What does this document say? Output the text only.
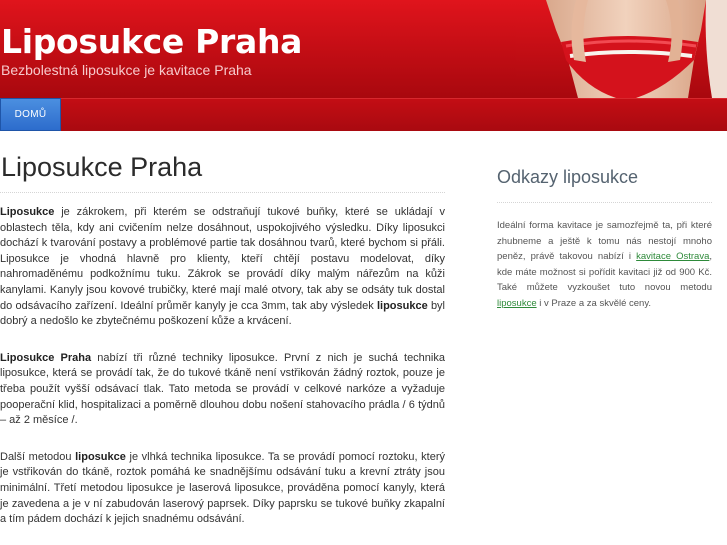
Liposukce Praha

Bezbolestná liposukce je kavitace Praha

DOMŮ
Liposukce Praha

Liposukce je zákrokem, při kterém se odstraňují tukové buňky, které se ukládají v oblastech těla, kdy ani cvičením nelze dosáhnout, uspokojivého výsledku. Díky liposukci dochází k tvarování postavy a problémové partie tak dosáhnou tvarů, které bychom si přáli. Liposukce je vhodná hlavně pro klienty, kteří chtějí postavu modelovat, díky nahromaděnému podkožnímu tuku. Zákrok se provádí díky malým nářezům na kůži kanylami. Kanyly jsou kovové trubičky, které mají malé otvory, tak aby se odsáty tuk dostal do odsávacího zařízení. Ideální průměr kanyly je cca 3mm, tak aby výsledek liposukce byl dobrý a nedošlo ke zbytečnému poškození kůže a krvácení.

Liposukce Praha nabízí tři různé techniky liposukce. První z nich je suchá technika liposukce, která se provádí tak, že do tukové tkáně není vstřikován žádný roztok, pouze je třeba použít vyšší odsávací tlak. Tato metoda se provádí v celkové narkóze a vyžaduje pooperační klid, hospitalizaci a poměrně dlouhou dobu nošení stahovacího prádla / 6 týdnů – až 2 měsíce /.

Další metodou liposukce je vlhká technika liposukce. Ta se provádí pomocí roztoku, který je vstřikován do tkáně, roztok pomáhá ke snadnějšímu odsávání tuku a krevní ztráty jsou minimální. Třetí metodou liposukce je laserová liposukce, prováděna pomocí kanyly, která je zavedena a je v ní zabudován laserový paprsek. Díky paprsku se tukové buňky zkapalní a tím pádem dochází k jejich snadnému odsávání.

Odkazy liposukce

Ideální forma kavitace je samozřejmě ta, při které zhubneme a ještě k tomu nás nestojí mnoho peněz, právě takovou nabízí i kavitace Ostrava, kde máte možnost si pořídit kavitaci již od 900 Kč. Také můžete vyzkoušet tuto novou metodu liposukce i v Praze a za skvělé ceny.
